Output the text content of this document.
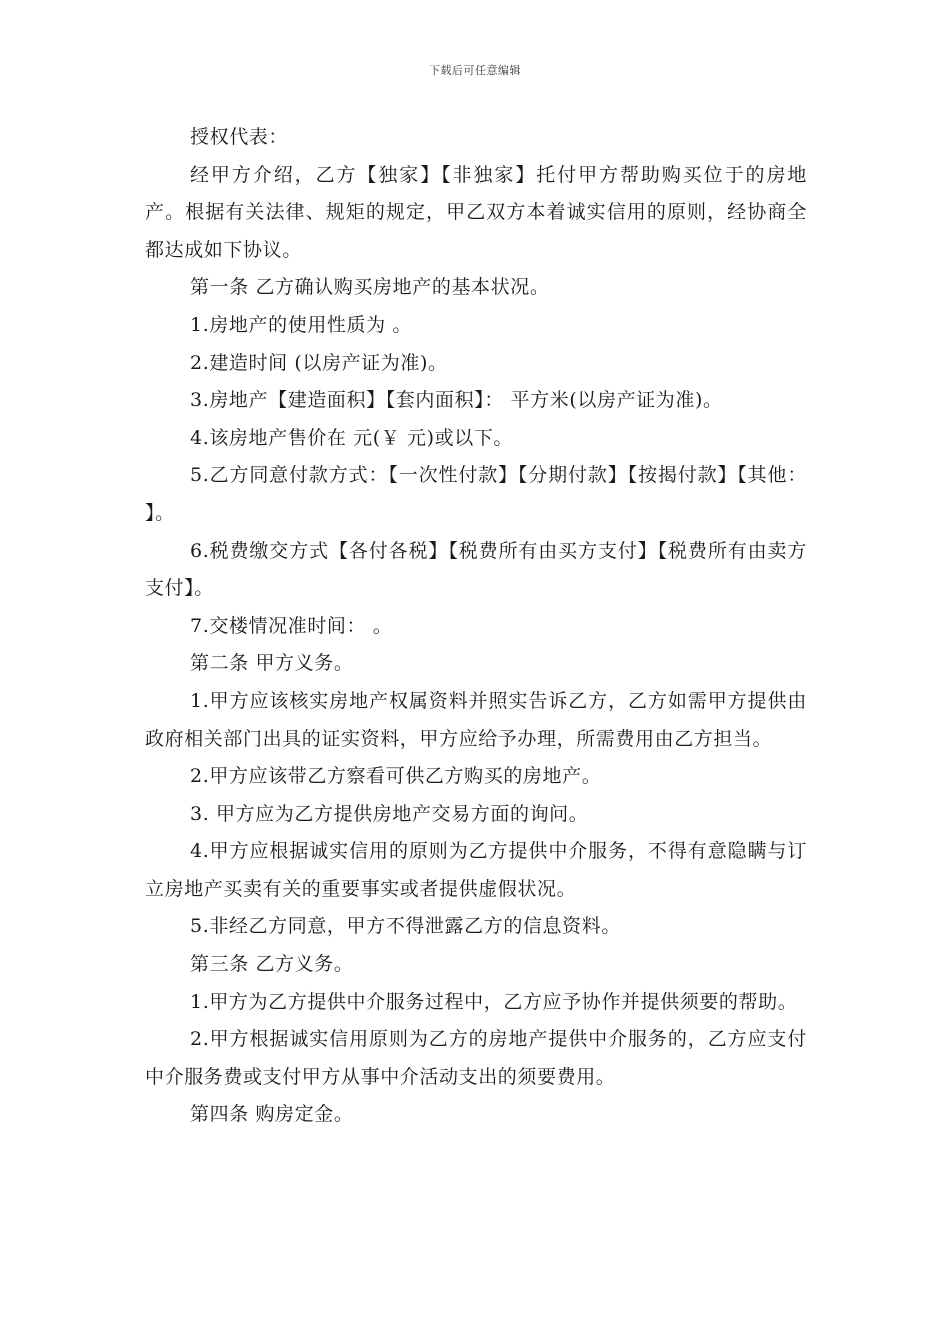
下载后可任意编辑

授权代表：

经甲方介绍，乙方【独家】【非独家】托付甲方帮助购买位于的房地产。根据有关法律、规矩的规定，甲乙双方本着诚实信用的原则，经协商全都达成如下协议。

第一条 乙方确认购买房地产的基本状况。

1.房地产的使用性质为 。

2.建造时间 (以房产证为准)。

3.房地产【建造面积】【套内面积】： 平方米(以房产证为准)。

4.该房地产售价在 元(￥ 元)或以下。

5.乙方同意付款方式：【一次性付款】【分期付款】【按揭付款】【其他： 】。

6.税费缴交方式【各付各税】【税费所有由买方支付】【税费所有由卖方支付】。

7.交楼情况准时间： 。

第二条 甲方义务。

1.甲方应该核实房地产权属资料并照实告诉乙方，乙方如需甲方提供由政府相关部门出具的证实资料，甲方应给予办理，所需费用由乙方担当。

2.甲方应该带乙方察看可供乙方购买的房地产。

3. 甲方应为乙方提供房地产交易方面的询问。

4.甲方应根据诚实信用的原则为乙方提供中介服务，不得有意隐瞒与订立房地产买卖有关的重要事实或者提供虚假状况。

5.非经乙方同意，甲方不得泄露乙方的信息资料。

第三条 乙方义务。

1.甲方为乙方提供中介服务过程中，乙方应予协作并提供须要的帮助。

2.甲方根据诚实信用原则为乙方的房地产提供中介服务的，乙方应支付中介服务费或支付甲方从事中介活动支出的须要费用。

第四条 购房定金。
